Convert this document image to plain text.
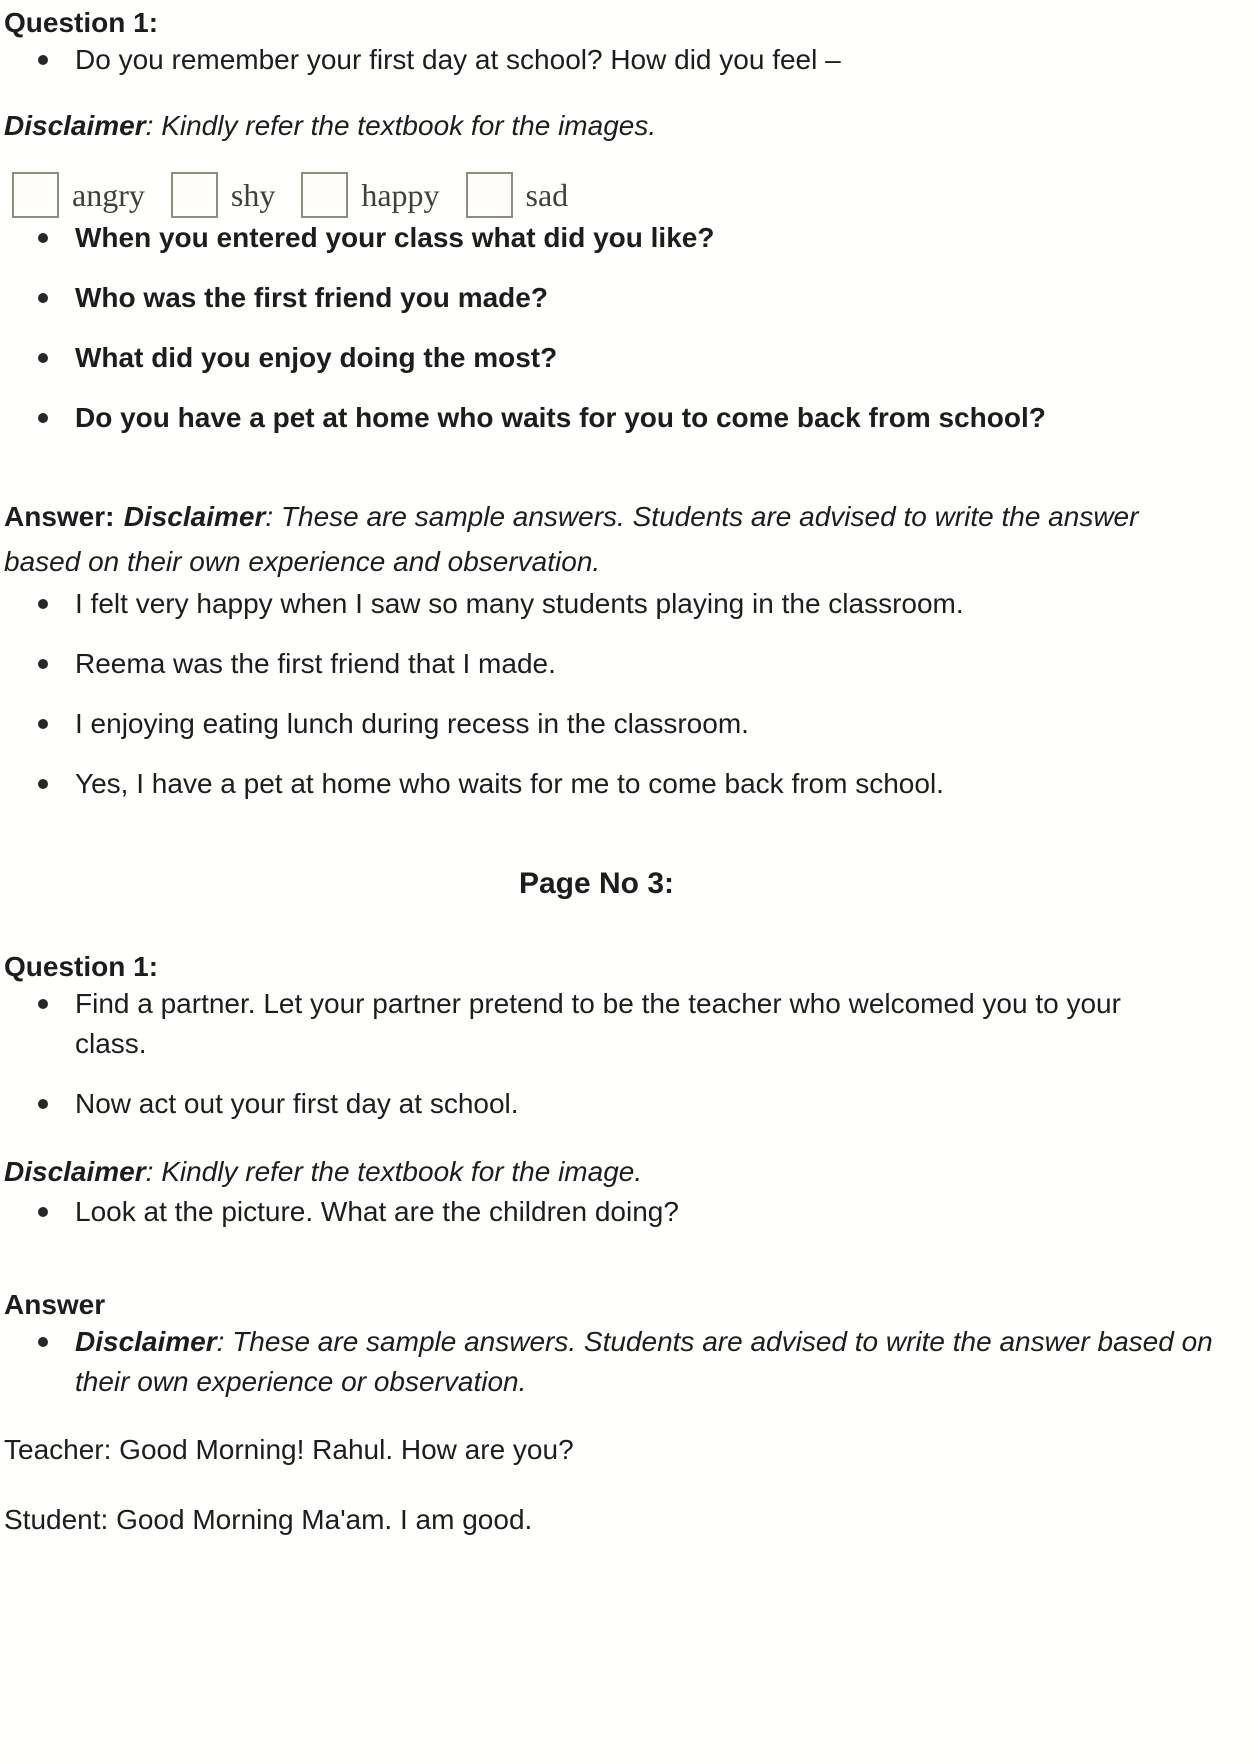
Question 1:
Do you remember your first day at school? How did you feel –

Disclaimer: Kindly refer the textbook for the images.

angry	shy	happy	sad
When you entered your class what did you like?
Who was the first friend you made?
What did you enjoy doing the most?
Do you have a pet at home who waits for you to come back from school?

Answer: Disclaimer: These are sample answers. Students are advised to write the answer based on their own experience and observation.

I felt very happy when I saw so many students playing in the classroom.
Reema was the first friend that I made.
I enjoying eating lunch during recess in the classroom.
Yes, I have a pet at home who waits for me to come back from school.
Page No 3:
Question 1:
Find a partner. Let your partner pretend to be the teacher who welcomed you to your class.
Now act out your first day at school.

Disclaimer: Kindly refer the textbook for the image.

Look at the picture. What are the children doing?
Answer
Disclaimer: These are sample answers. Students are advised to write the answer based on their own experience or observation.

Teacher: Good Morning! Rahul. How are you?

Student: Good Morning Ma'am. I am good.
